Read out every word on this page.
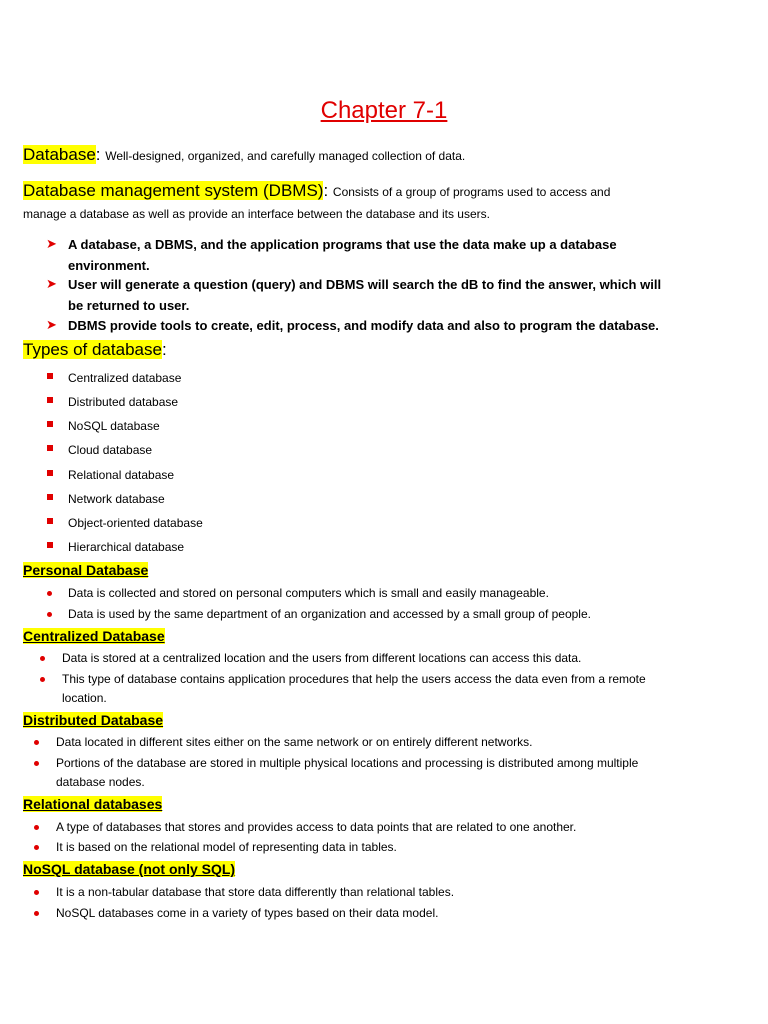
Chapter 7-1
Database: Well-designed, organized, and carefully managed collection of data.
Database management system (DBMS): Consists of a group of programs used to access and
manage a database as well as provide an interface between the database and its users.
➤ A database, a DBMS, and the application programs that use the data make up a database
environment.
➤ User will generate a question (query) and DBMS will search the dB to find the answer, which will
be returned to user.
➤ DBMS provide tools to create, edit, process, and modify data and also to program the database.
Types of database:
Centralized database
Distributed database
NoSQL database
Cloud database
Relational database
Network database
Object-oriented database
Hierarchical database
Personal Database
Data is collected and stored on personal computers which is small and easily manageable.
Data is used by the same department of an organization and accessed by a small group of people.
Centralized Database
Data is stored at a centralized location and the users from different locations can access this data.
This type of database contains application procedures that help the users access the data even from a remote
location.
Distributed Database
Data located in different sites either on the same network or on entirely different networks.
Portions of the database are stored in multiple physical locations and processing is distributed among multiple
database nodes.
Relational databases
A type of databases that stores and provides access to data points that are related to one another.
It is based on the relational model of representing data in tables.
NoSQL database (not only SQL)
It is a non-tabular database that store data differently than relational tables.
NoSQL databases come in a variety of types based on their data model.
